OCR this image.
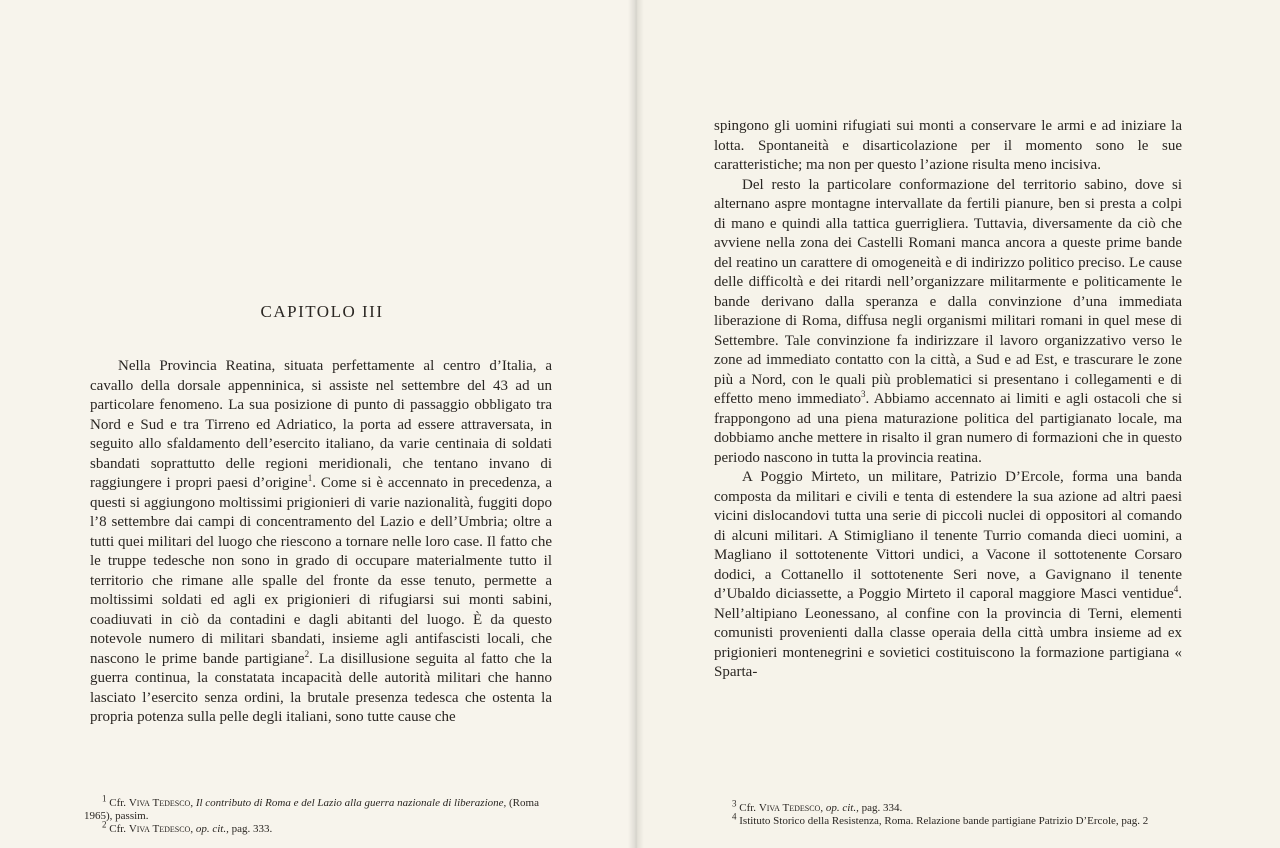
CAPITOLO III

Nella Provincia Reatina, situata perfettamente al centro d’Italia, a cavallo della dorsale appenninica, si assiste nel settembre del 43 ad un particolare fenomeno. La sua posizione di punto di passaggio obbligato tra Nord e Sud e tra Tirreno ed Adriatico, la porta ad essere attraversata, in seguito allo sfaldamento dell’esercito italiano, da varie centinaia di soldati sbandati soprattutto delle regioni meridionali, che tentano invano di raggiungere i propri paesi d’origine$^1$. Come si è accennato in precedenza, a questi si aggiungono moltissimi prigionieri di varie nazionalità, fuggiti dopo l’8 settembre dai campi di concentramento del Lazio e dell’Umbria; oltre a tutti quei militari del luogo che riescono a tornare nelle loro case. Il fatto che le truppe tedesche non sono in grado di occupare materialmente tutto il territorio che rimane alle spalle del fronte da esse tenuto, permette a moltissimi soldati ed agli ex prigionieri di rifugiarsi sui monti sabini, coadiuvati in ciò da contadini e dagli abitanti del luogo. È da questo notevole numero di militari sbandati, insieme agli antifascisti locali, che nascono le prime bande partigiane$^2$. La disillusione seguita al fatto che la guerra continua, la constatata incapacità delle autorità militari che hanno lasciato l’esercito senza ordini, la brutale presenza tedesca che ostenta la propria potenza sulla pelle degli italiani, sono tutte cause che

$^1$ Cfr. Viva Tedesco, Il contributo di Roma e del Lazio alla guerra nazionale di liberazione, (Roma 1965), passim.

$^2$ Cfr. Viva Tedesco, op. cit., pag. 333.

spingono gli uomini rifugiati sui monti a conservare le armi e ad iniziare la lotta. Spontaneità e disarticolazione per il momento sono le sue caratteristiche; ma non per questo l’azione risulta meno incisiva.

Del resto la particolare conformazione del territorio sabino, dove si alternano aspre montagne intervallate da fertili pianure, ben si presta a colpi di mano e quindi alla tattica guerrigliera. Tuttavia, diversamente da ciò che avviene nella zona dei Castelli Romani manca ancora a queste prime bande del reatino un carattere di omogeneità e di indirizzo politico preciso. Le cause delle difficoltà e dei ritardi nell’organizzare militarmente e politicamente le bande derivano dalla speranza e dalla convinzione d’una immediata liberazione di Roma, diffusa negli organismi militari romani in quel mese di Settembre. Tale convinzione fa indirizzare il lavoro organizzativo verso le zone ad immediato contatto con la città, a Sud e ad Est, e trascurare le zone più a Nord, con le quali più problematici si presentano i collegamenti e di effetto meno immediato$^3$. Abbiamo accennato ai limiti e agli ostacoli che si frappongono ad una piena maturazione politica del partigianato locale, ma dobbiamo anche mettere in risalto il gran numero di formazioni che in questo periodo nascono in tutta la provincia reatina.

A Poggio Mirteto, un militare, Patrizio D’Ercole, forma una banda composta da militari e civili e tenta di estendere la sua azione ad altri paesi vicini dislocandovi tutta una serie di piccoli nuclei di oppositori al comando di alcuni militari. A Stimigliano il tenente Turrio comanda dieci uomini, a Magliano il sottotenente Vittori undici, a Vacone il sottotenente Corsaro dodici, a Cottanello il sottotenente Seri nove, a Gavignano il tenente d’Ubaldo diciassette, a Poggio Mirteto il caporal maggiore Masci ventidue$^4$. Nell’altipiano Leonessano, al confine con la provincia di Terni, elementi comunisti provenienti dalla classe operaia della città umbra insieme ad ex prigionieri montenegrini e sovietici costituiscono la formazione partigiana « Sparta-

$^3$ Cfr. Viva Tedesco, op. cit., pag. 334.

$^4$ Istituto Storico della Resistenza, Roma. Relazione bande partigiane Patrizio D’Ercole, pag. 2
